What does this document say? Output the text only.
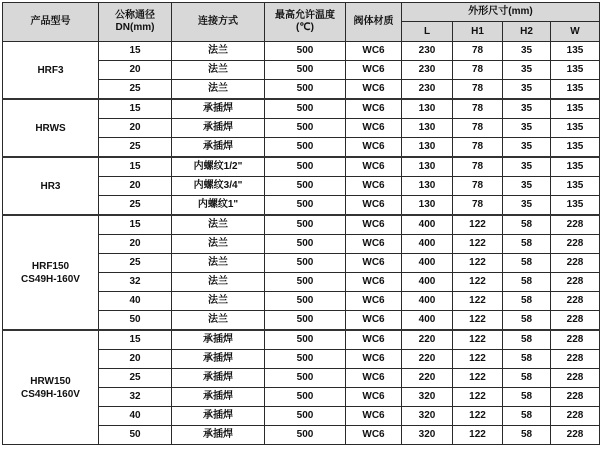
产品型号	公称通径
DN(mm)	连接方式	最高允许温度
(℃)	阀体材质	外形尺寸(mm)			
					L	H1	H2	W

HRF3	15	法兰	500	WC6	230	78	35	135
	20	法兰	500	WC6	230	78	35	135
	25	法兰	500	WC6	230	78	35	135

HRWS	15	承插焊	500	WC6	130	78	35	135
	20	承插焊	500	WC6	130	78	35	135
	25	承插焊	500	WC6	130	78	35	135

HR3	15	内螺纹1/2"	500	WC6	130	78	35	135
	20	内螺纹3/4"	500	WC6	130	78	35	135
	25	内螺纹1"	500	WC6	130	78	35	135

HRF150
CS49H-160V	15	法兰	500	WC6	400	122	58	228
	20	法兰	500	WC6	400	122	58	228
	25	法兰	500	WC6	400	122	58	228
	32	法兰	500	WC6	400	122	58	228
	40	法兰	500	WC6	400	122	58	228
	50	法兰	500	WC6	400	122	58	228

HRW150
CS49H-160V	15	承插焊	500	WC6	220	122	58	228
	20	承插焊	500	WC6	220	122	58	228
	25	承插焊	500	WC6	220	122	58	228
	32	承插焊	500	WC6	320	122	58	228
	40	承插焊	500	WC6	320	122	58	228
	50	承插焊	500	WC6	320	122	58	228
